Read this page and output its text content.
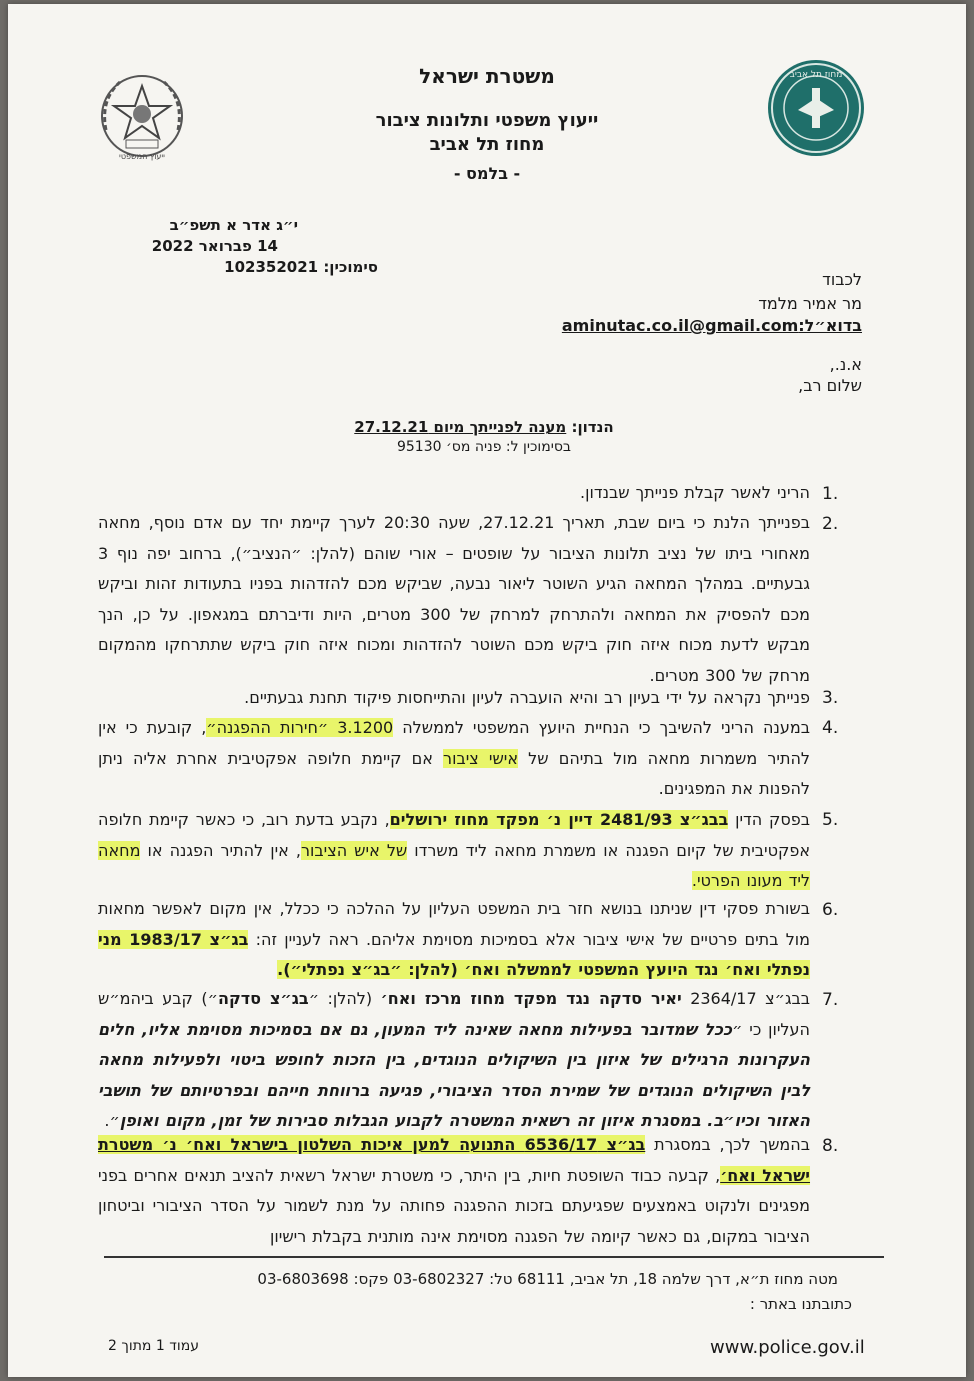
ייעוץ המשפטי
מחוז תל אביב
משטרת ישראל
ייעוץ משפטי ותלונות ציבור
מחוז תל אביב
- בלמס -
י״ג אדר א תשפ״ב
14 פברואר 2022
סימוכין: 102352021
לכבוד
מר אמיר מלמד
בדוא״ל:aminutac.co.il@gmail.com
א.נ.,
שלום רב,
הנדון: מענה לפנייתך מיום 27.12.21
בסימוכין ל: פניה מס׳ 95130
1.
הריני לאשר קבלת פנייתך שבנדון.
2.
בפנייתך הלנת כי ביום שבת, תאריך 27.12.21, שעה 20:30 לערך קיימת יחד עם אדם נוסף, מחאה מאחורי ביתו של נציב תלונות הציבור על שופטים – אורי שוהם (להלן: ״הנציב״), ברחוב יפה נוף 3 גבעתיים. במהלך המחאה הגיע השוטר ליאור נבעה, שביקש מכם להזדהות בפניו בתעודות זהות וביקש מכם להפסיק את המחאה ולהתרחק למרחק של 300 מטרים, היות ודיברתם במגאפון. על כן, הנך מבקש לדעת מכוח איזה חוק ביקש מכם השוטר להזדהות ומכוח איזה חוק ביקש שתתרחקו מהמקום מרחק של 300 מטרים.
3.
פנייתך נקראה על ידי בעיון רב והיא הועברה לעיון והתייחסות פיקוד תחנת גבעתיים.
4.
במענה הריני להשיבך כי הנחיית היועץ המשפטי לממשלה 3.1200 ״חירות ההפגנה״, קובעת כי אין להתיר משמרות מחאה מול בתיהם של אישי ציבור אם קיימת חלופה אפקטיבית אחרת אליה ניתן להפנות את המפגינים.
5.
בפסק הדין בבג״צ 2481/93 דיין נ׳ מפקד מחוז ירושלים, נקבע בדעת רוב, כי כאשר קיימת חלופה אפקטיבית של קיום הפגנה או משמרת מחאה ליד משרדו של איש הציבור, אין להתיר הפגנה או מחאה ליד מעונו הפרטי.
6.
בשורת פסקי דין שניתנו בנושא חזר בית המשפט העליון על ההלכה כי ככלל, אין מקום לאפשר מחאות מול בתים פרטיים של אישי ציבור אלא בסמיכות מסוימת אליהם. ראה לעניין זה: בג״צ 1983/17 מני נפתלי ואח׳ נגד היועץ המשפטי לממשלה ואח׳ (להלן: ״בג״צ נפתלי״).
7.
בבג״צ 2364/17 יאיר סדקה נגד מפקד מחוז מרכז ואח׳ (להלן: ״בג״צ סדקה״) קבע ביהמ״ש העליון כי ״ככל שמדובר בפעילות מחאה שאינה ליד המעון, גם אם בסמיכות מסוימת אליו, חלים העקרונות הרגילים של איזון בין השיקולים הנוגדים, בין הזכות לחופש ביטוי ולפעילות מחאה לבין השיקולים הנוגדים של שמירת הסדר הציבורי, פגיעה ברווחת חייהם ובפרטיותם של תושבי האזור וכיו״ב. במסגרת איזון זה רשאית המשטרה לקבוע הגבלות סבירות של זמן, מקום ואופן״.
8.
בהמשך לכך, במסגרת בג״צ 6536/17 התנועה למען איכות השלטון בישראל ואח׳ נ׳ משטרת ישראל ואח׳, קבעה כבוד השופטת חיות, בין היתר, כי משטרת ישראל רשאית להציב תנאים אחרים בפני מפגינים ולנקוט באמצעים שפגיעתם בזכות ההפגנה פחותה על מנת לשמור על הסדר הציבורי וביטחון הציבור במקום, גם כאשר קיומה של הפגנה מסוימת אינה מותנית בקבלת רישיון
מטה מחוז ת״א, דרך שלמה 18, תל אביב, 68111 טל: 03-6802327 פקס: 03-6803698
כתובתנו באתר :
עמוד 1 מתוך 2	www.police.gov.il
